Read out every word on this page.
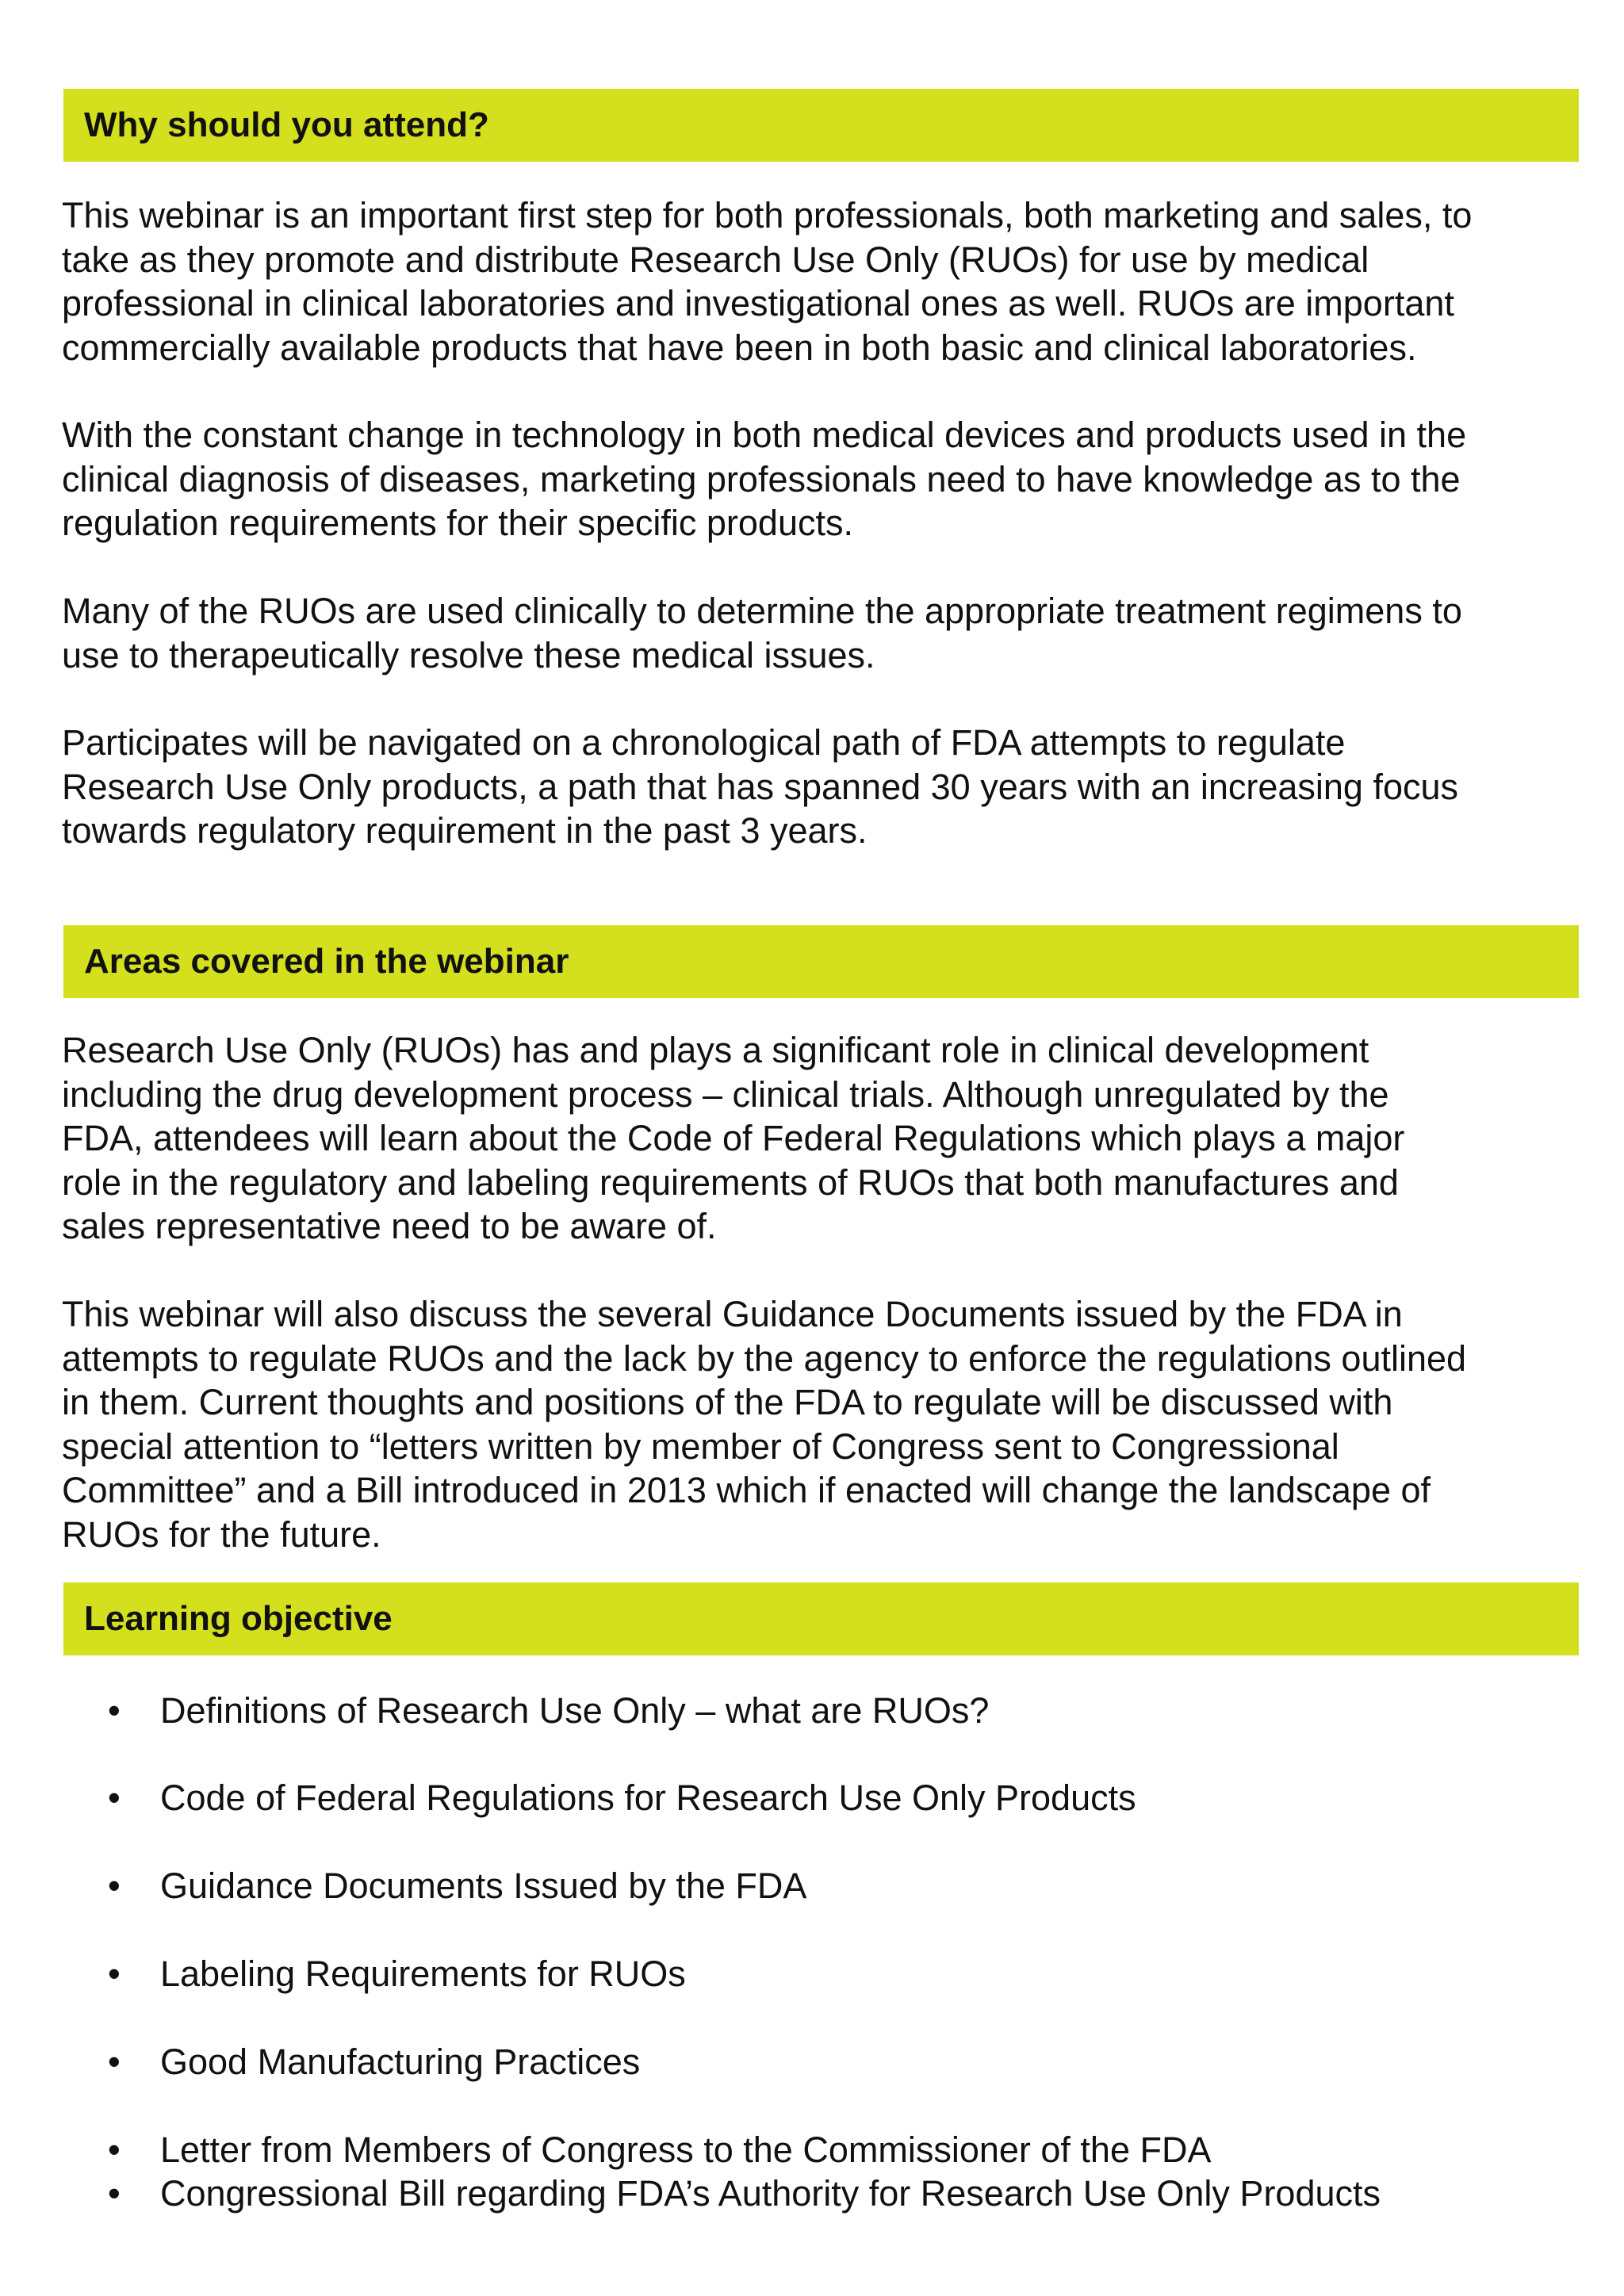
Why should you attend?

This webinar is an important first step for both professionals, both marketing and sales, to
take as they promote and distribute Research Use Only (RUOs) for use by medical
professional in clinical laboratories and investigational ones as well. RUOs are important
commercially available products that have been in both basic and clinical laboratories.

With the constant change in technology in both medical devices and products used in the
clinical diagnosis of diseases, marketing professionals need to have knowledge as to the
regulation requirements for their specific products.

Many of the RUOs are used clinically to determine the appropriate treatment regimens to
use to therapeutically resolve these medical issues.

Participates will be navigated on a chronological path of FDA attempts to regulate
Research Use Only products, a path that has spanned 30 years with an increasing focus
towards regulatory requirement in the past 3 years.

Areas covered in the webinar

Research Use Only (RUOs) has and plays a significant role in clinical development
including the drug development process – clinical trials. Although unregulated by the
FDA, attendees will learn about the Code of Federal Regulations which plays a major
role in the regulatory and labeling requirements of RUOs that both manufactures and
sales representative need to be aware of.

This webinar will also discuss the several Guidance Documents issued by the FDA in
attempts to regulate RUOs and the lack by the agency to enforce the regulations outlined
in them. Current thoughts and positions of the FDA to regulate will be discussed with
special attention to “letters written by member of Congress sent to Congressional
Committee” and a Bill introduced in 2013 which if enacted will change the landscape of
RUOs for the future.

Learning objective
•	Definitions of Research Use Only – what are RUOs?
•	Code of Federal Regulations for Research Use Only Products
•	Guidance Documents Issued by the FDA
•	Labeling Requirements for RUOs
•	Good Manufacturing Practices
•	Letter from Members of Congress to the Commissioner of the FDA
•	Congressional Bill regarding FDA’s Authority for Research Use Only Products
